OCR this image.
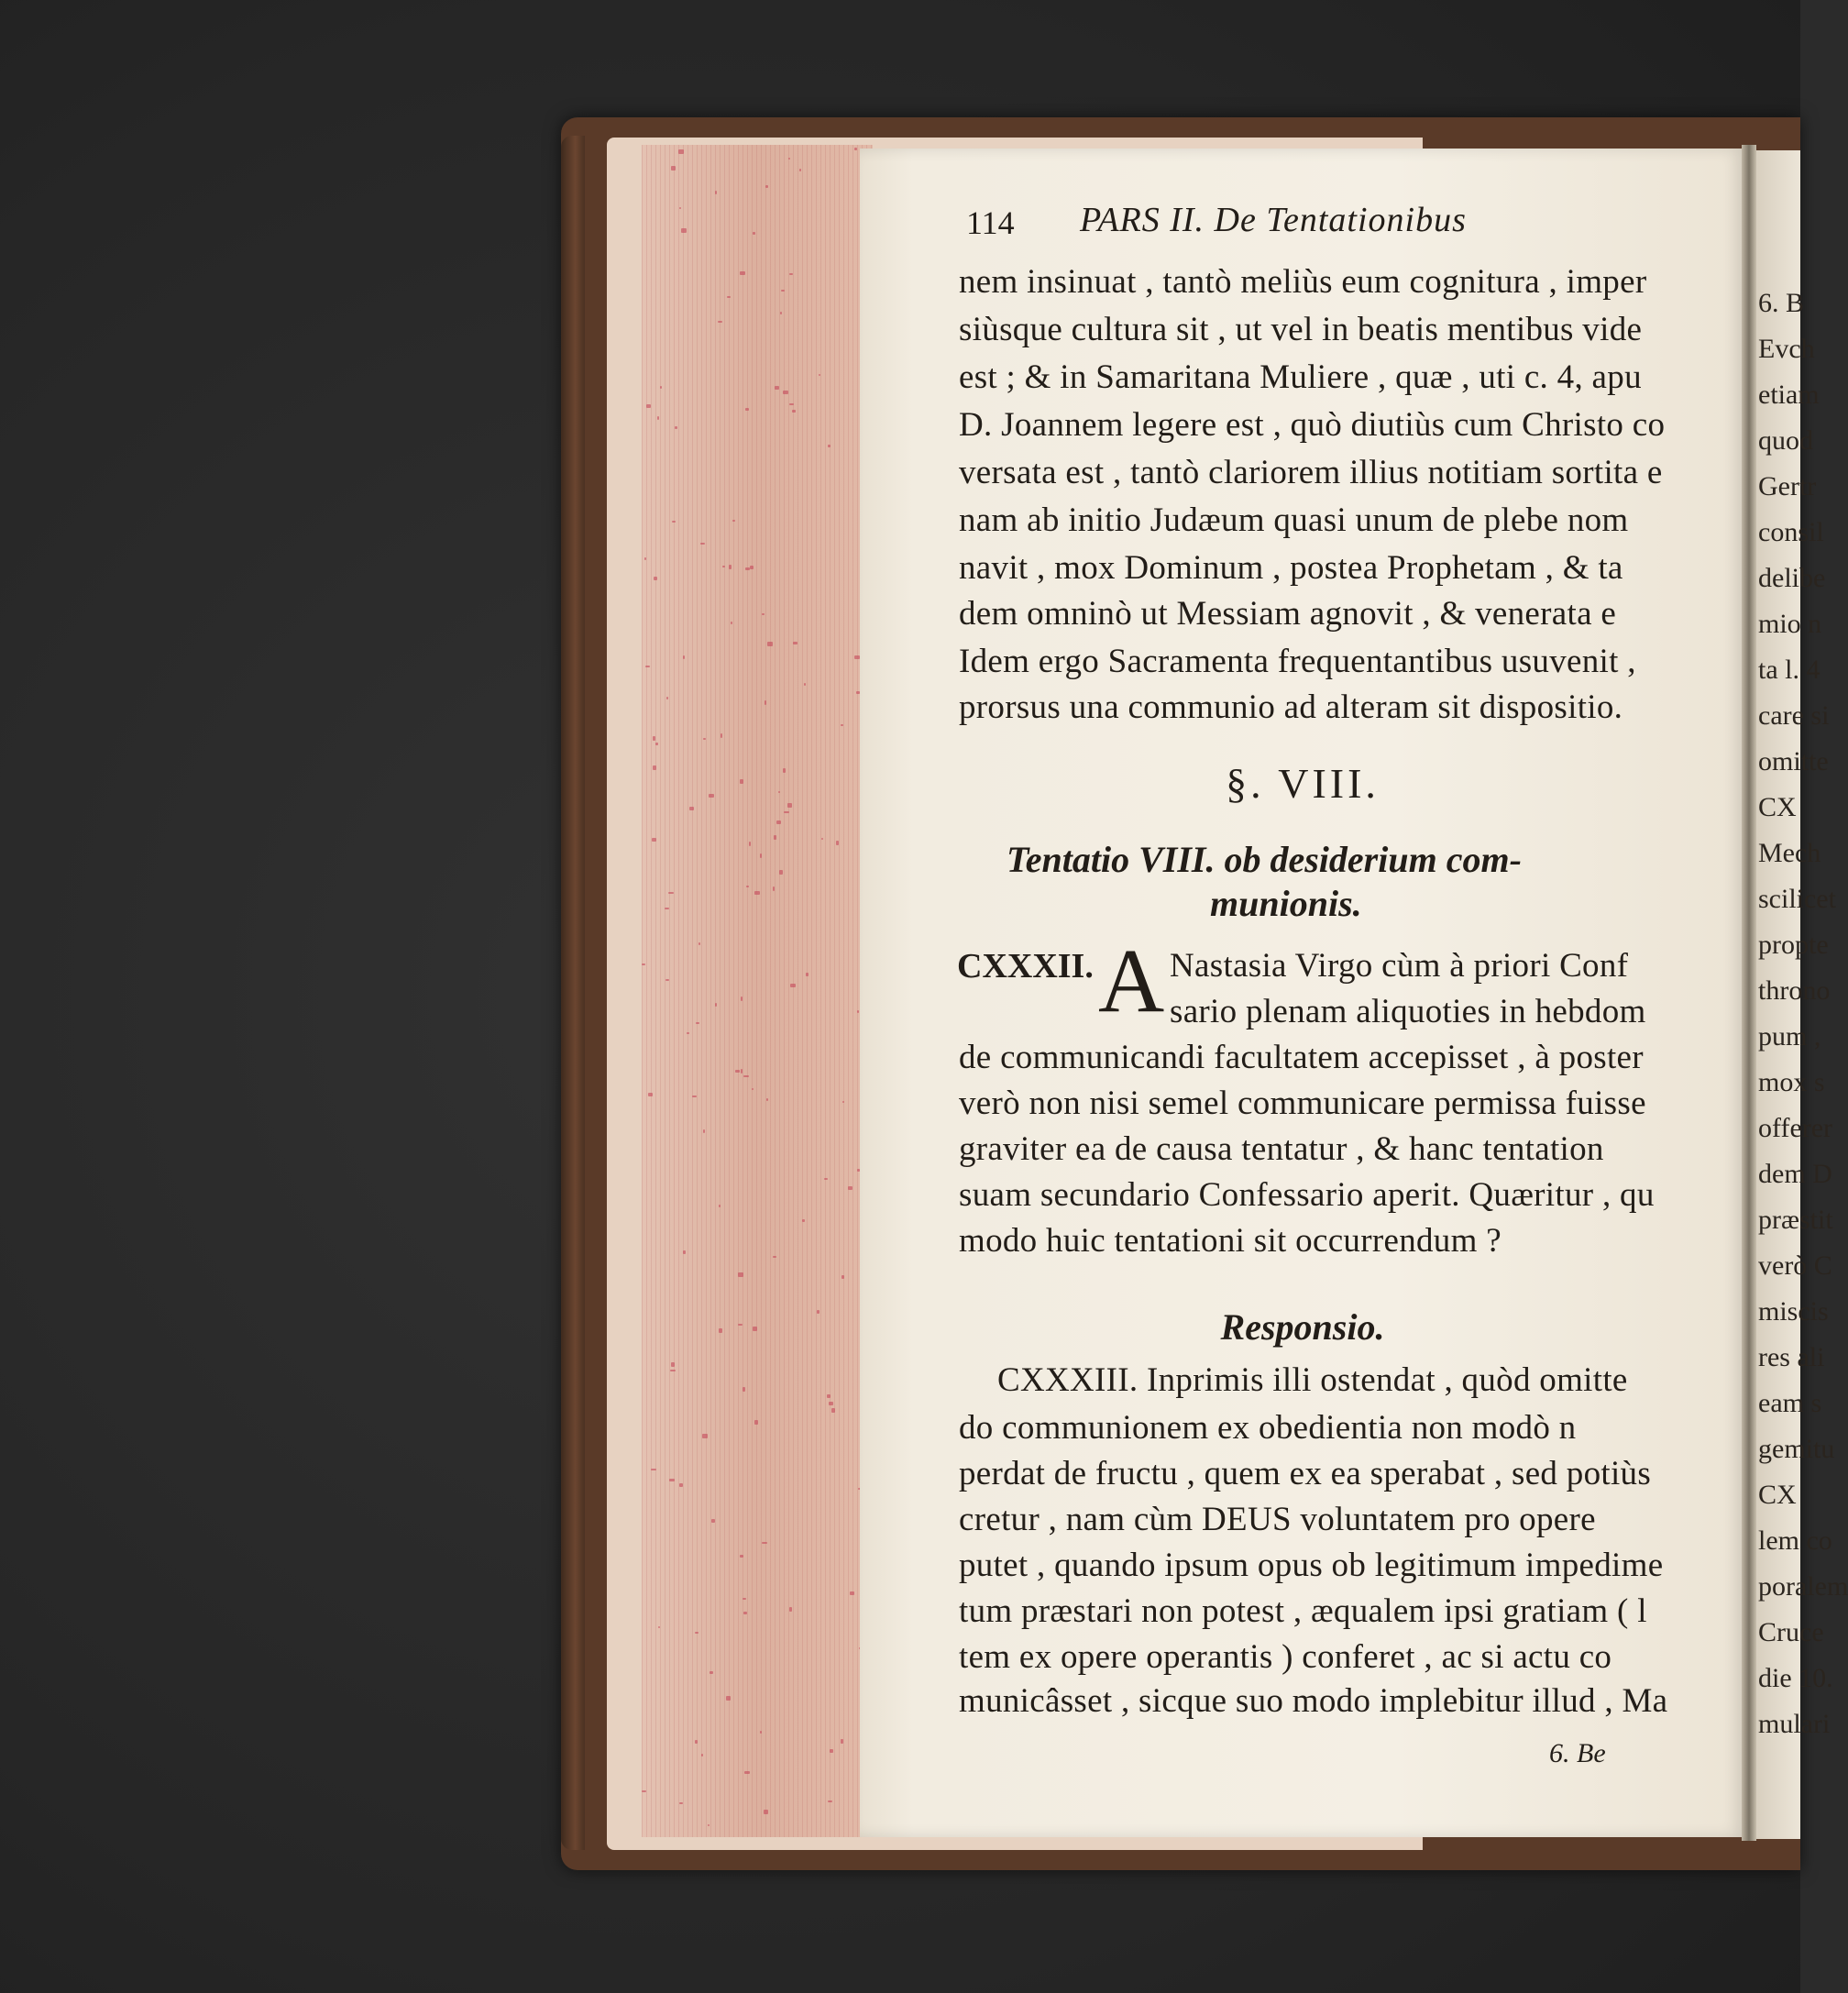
114 PARS II. De Tentationibus
nem insinuat , tantò meliùs eum cognitura , imper
siùsque cultura sit , ut vel in beatis mentibus vide
est ; & in Samaritana Muliere , quæ , uti c. 4, apu
D. Joannem legere est , quò diutiùs cum Christo co
versata est , tantò clariorem illius notitiam sortita e
nam ab initio Judæum quasi unum de plebe nom
navit , mox Dominum , postea Prophetam , & ta
dem omninò ut Messiam agnovit , & venerata e
Idem ergo Sacramenta frequentantibus usuvenit ,
prorsus una communio ad alteram sit dispositio.
§. VIII.
Tentatio VIII. ob desiderium com-
munionis.
CXXXII. A Nastasia Virgo cùm à priori Conf
sario plenam aliquoties in hebdom
de communicandi facultatem accepisset , à poster
verò non nisi semel communicare permissa fuisse
graviter ea de causa tentatur , & hanc tentation
suam secundario Confessario aperit. Quæritur , qu
modo huic tentationi sit occurrendum ?
Responsio.
CXXXIII. Inprimis illi ostendat , quòd omitte
do communionem ex obedientia non modò n
perdat de fructu , quem ex ea sperabat , sed potiùs
cretur , nam cùm DEUS voluntatem pro opere
putet , quando ipsum opus ob legitimum impedime
tum præstari non potest , æqualem ipsi gratiam ( l
tem ex opere operantis ) conferet , ac si actu co
municâsset , sicque suo modo implebitur illud , Ma
6. Be
6. B
Evch
etiam
quod
Gertr
consil
delibe
mio n
ta l. 4
care si
omitte
CX
Mech
scilicet
propte
throno
pum ,
mox s
offerer
dem D
præstit
verò C
miscis
res ali
eam s
gemitu
CX
lem co
poralem
Cruce
die 10.
mulari
